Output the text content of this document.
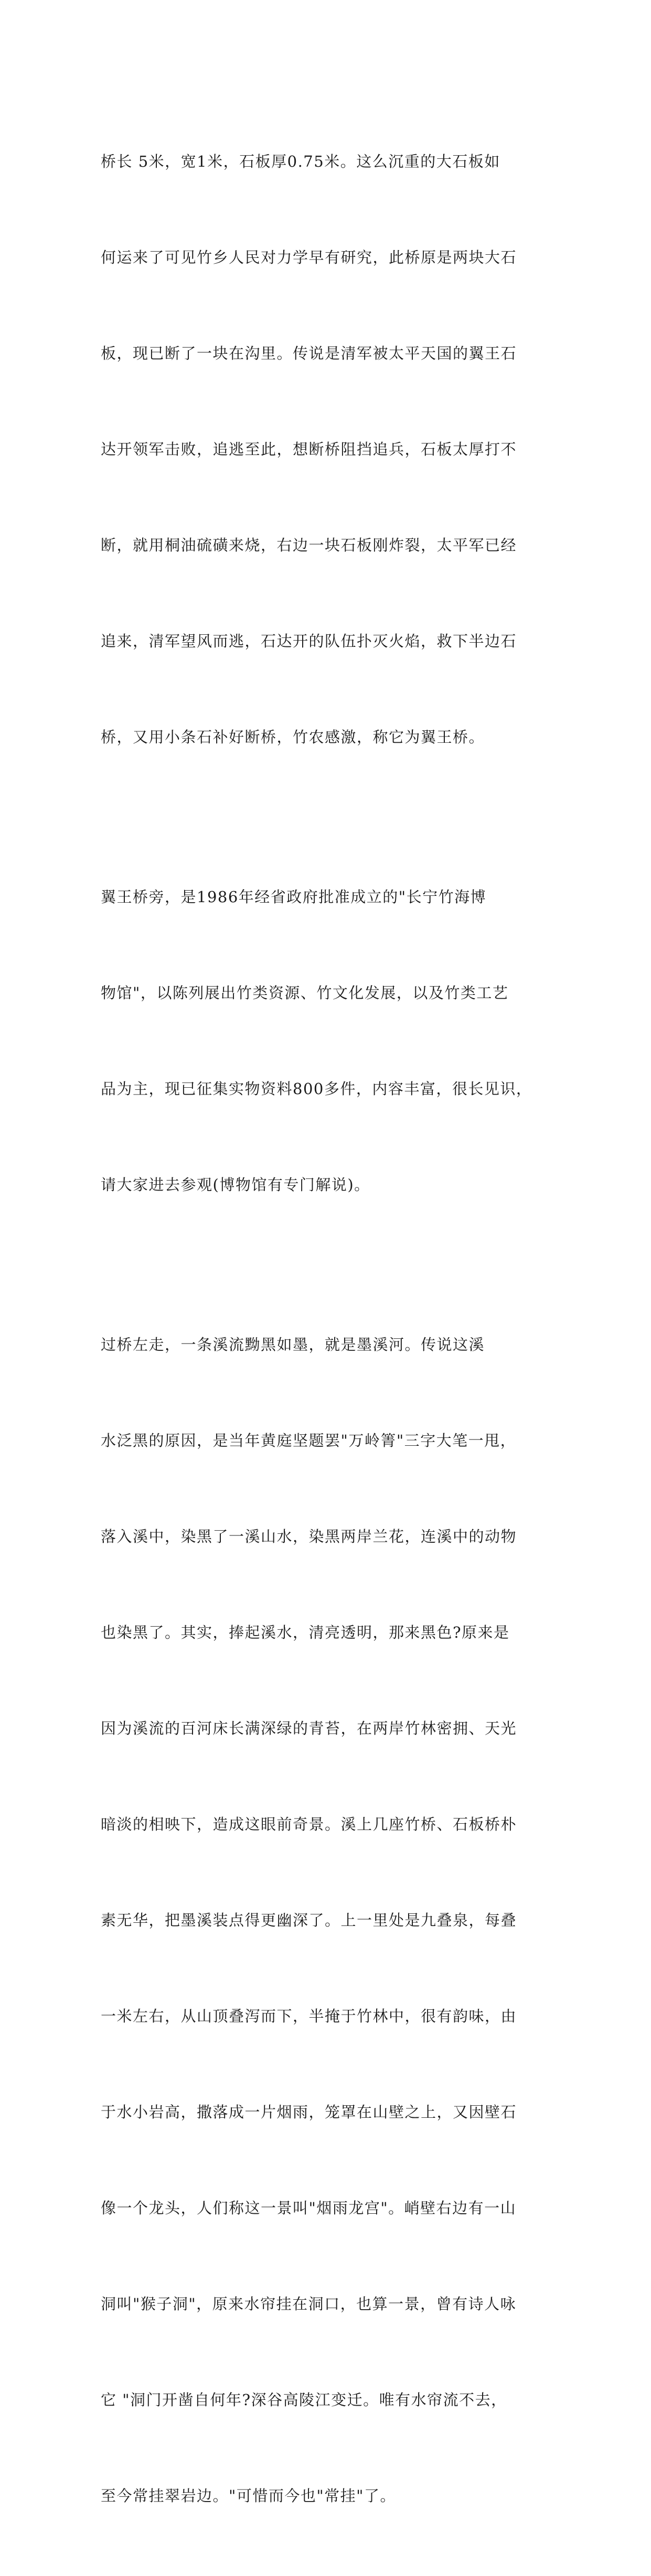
桥长 5米，宽1米，石板厚0.75米。这么沉重的大石板如

何运来了可见竹乡人民对力学早有研究，此桥原是两块大石

板，现已断了一块在沟里。传说是清军被太平天国的翼王石

达开领军击败，追逃至此，想断桥阻挡追兵，石板太厚打不

断，就用桐油硫磺来烧，右边一块石板刚炸裂，太平军已经

追来，清军望风而逃，石达开的队伍扑灭火焰，救下半边石

桥，又用小条石补好断桥，竹农感激，称它为翼王桥。

翼王桥旁，是1986年经省政府批准成立的"长宁竹海博

物馆"，以陈列展出竹类资源、竹文化发展，以及竹类工艺

品为主，现已征集实物资料800多件，内容丰富，很长见识，

请大家进去参观(博物馆有专门解说)。

过桥左走，一条溪流黝黑如墨，就是墨溪河。传说这溪

水泛黑的原因，是当年黄庭坚题罢"万岭箐"三字大笔一甩，

落入溪中，染黑了一溪山水，染黑两岸兰花，连溪中的动物

也染黑了。其实，捧起溪水，清亮透明，那来黑色?原来是

因为溪流的百河床长满深绿的青苔，在两岸竹林密拥、天光

暗淡的相映下，造成这眼前奇景。溪上几座竹桥、石板桥朴

素无华，把墨溪装点得更幽深了。上一里处是九叠泉，每叠

一米左右，从山顶叠泻而下，半掩于竹林中，很有韵味，由

于水小岩高，撒落成一片烟雨，笼罩在山壁之上，又因壁石

像一个龙头，人们称这一景叫"烟雨龙宫"。峭壁右边有一山

洞叫"猴子洞"，原来水帘挂在洞口，也算一景，曾有诗人咏

它 "洞门开凿自何年?深谷高陵江变迁。唯有水帘流不去，

至今常挂翠岩边。"可惜而今也"常挂"了。
